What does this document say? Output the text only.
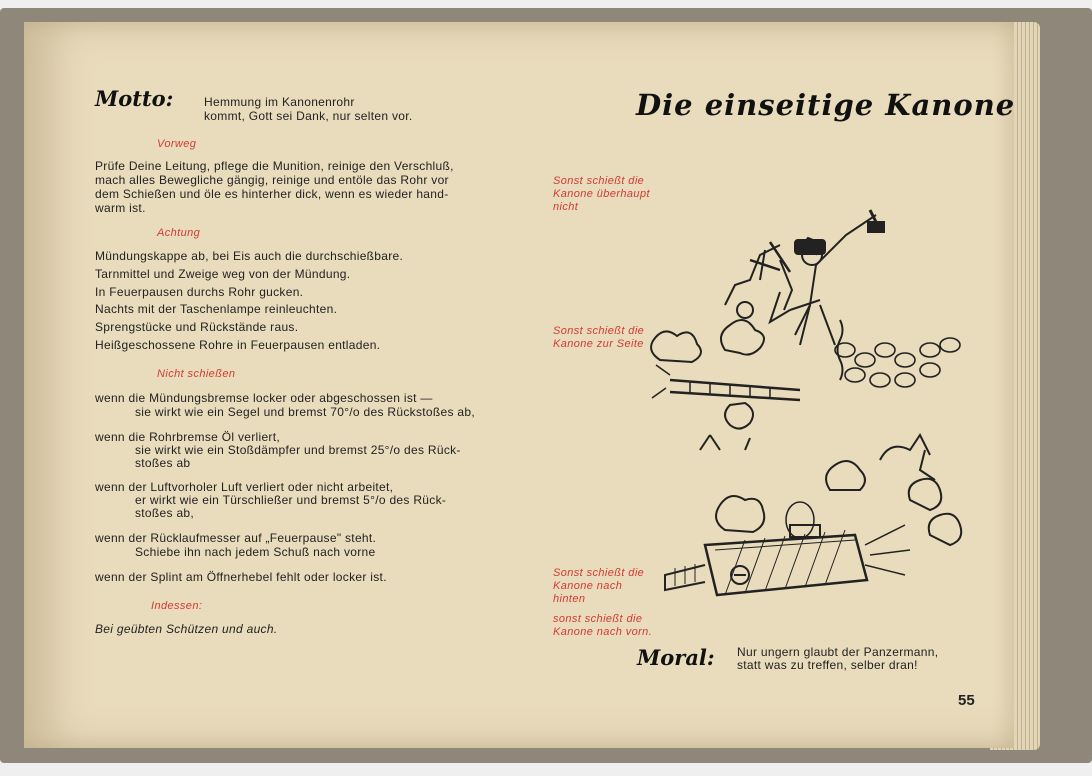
Motto:	Hemmung im Kanonenrohr
kommt, Gott sei Dank, nur selten vor.	Die einseitige Kanone
Vorweg
Prüfe Deine Leitung, pflege die Munition, reinige den Verschluß,
mach alles Bewegliche gängig, reinige und entöle das Rohr vor
dem Schießen und öle es hinterher dick, wenn es wieder hand-
warm ist.
Achtung
Mündungskappe ab, bei Eis auch die durchschießbare.
Tarnmittel und Zweige weg von der Mündung.
In Feuerpausen durchs Rohr gucken.
Nachts mit der Taschenlampe reinleuchten.
Sprengstücke und Rückstände raus.
Heißgeschossene Rohre in Feuerpausen entladen.
Nicht schießen
wenn die Mündungsbremse locker oder abgeschossen ist —
sie wirkt wie ein Segel und bremst 70°/o des Rückstoßes ab,
wenn die Rohrbremse Öl verliert,
sie wirkt wie ein Stoßdämpfer und bremst 25°/o des Rück-
stoßes ab
wenn der Luftvorholer Luft verliert oder nicht arbeitet,
er wirkt wie ein Türschließer und bremst 5°/o des Rück-
stoßes ab,
wenn der Rücklaufmesser auf „Feuerpause" steht.
Schiebe ihn nach jedem Schuß nach vorne
wenn der Splint am Öffnerhebel fehlt oder locker ist.
Indessen:
Bei geübten Schützen und auch.
Sonst schießt die
Kanone überhaupt
nicht
Sonst schießt die
Kanone zur Seite
Sonst schießt die
Kanone nach
hinten
sonst schießt die
Kanone nach vorn.
Moral: Nur ungern glaubt der Panzermann,
statt was zu treffen, selber dran!
55
